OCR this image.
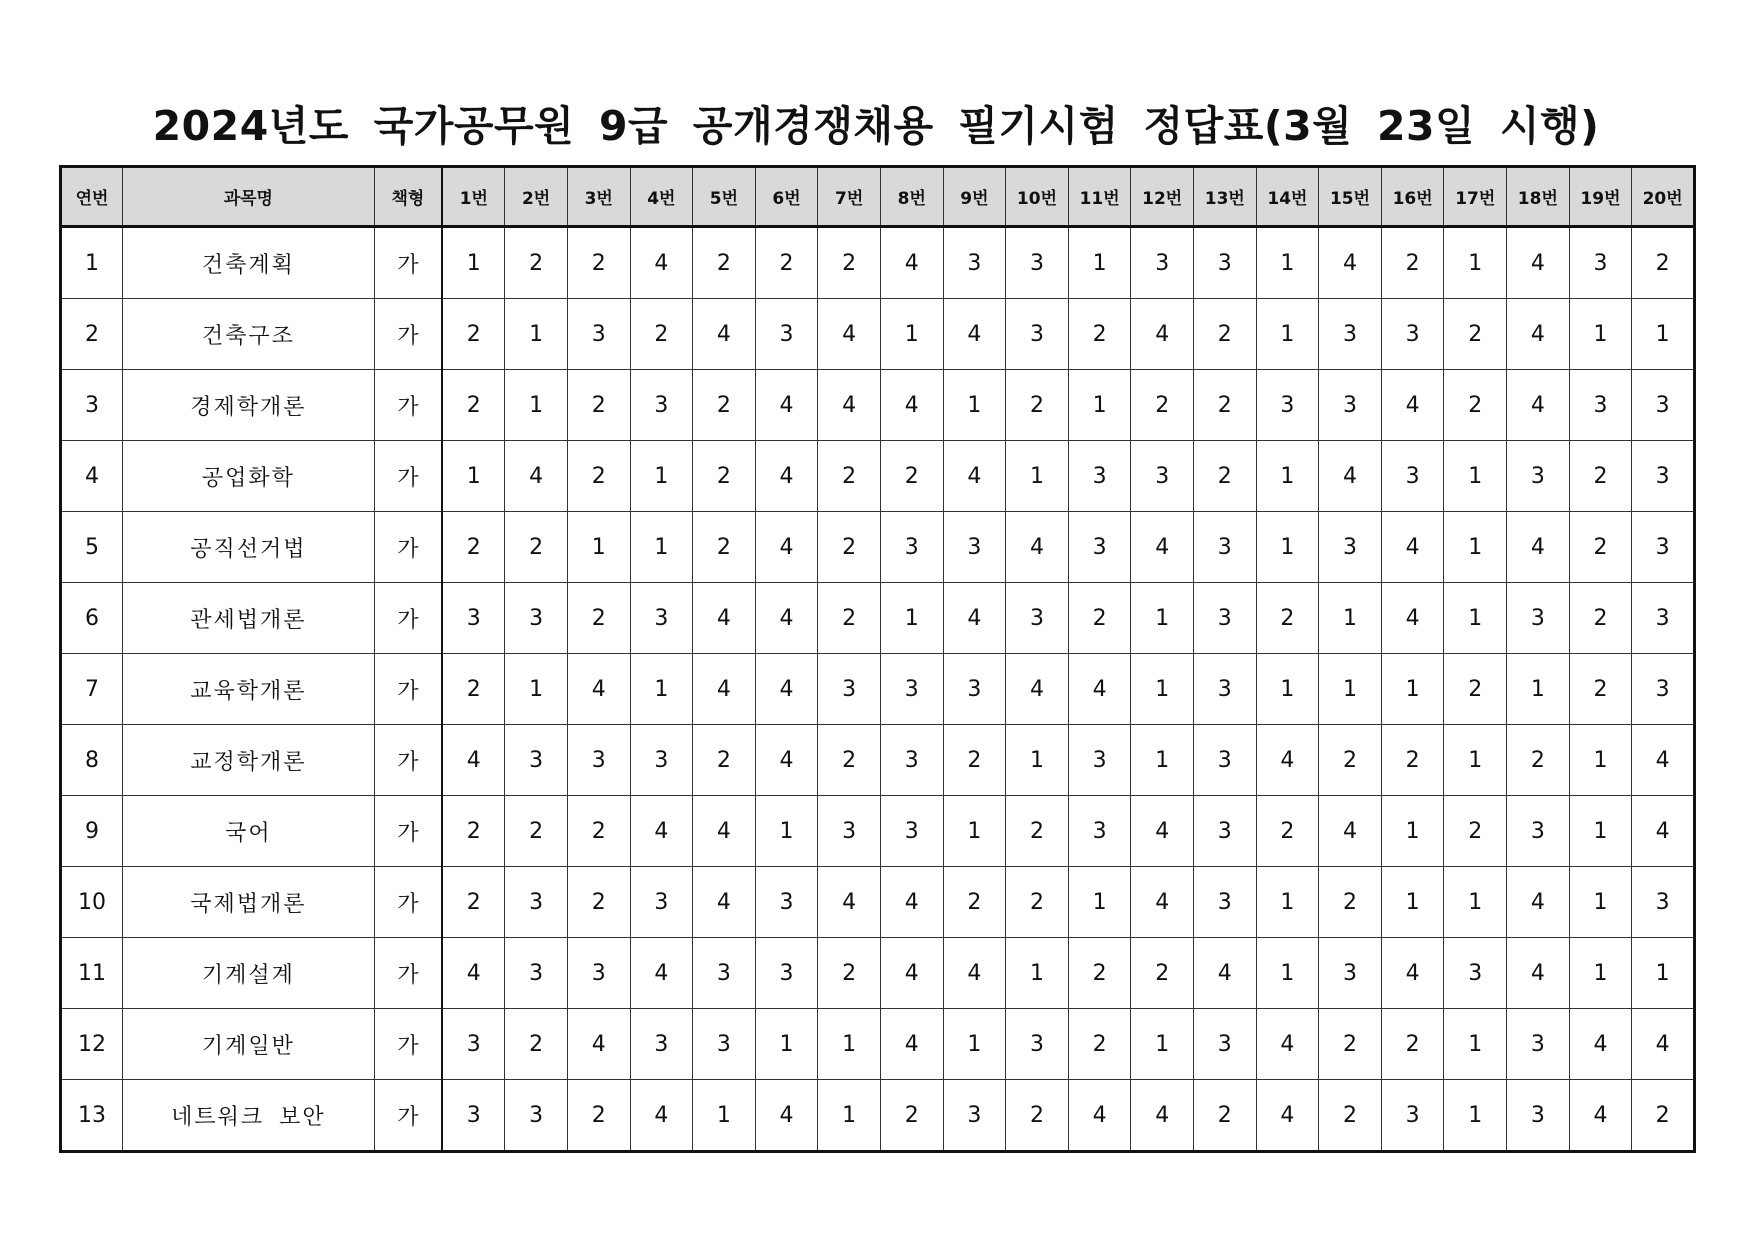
2024년도 국가공무원 9급 공개경쟁채용 필기시험 정답표(3월 23일 시행)
연번	과목명	책형	1번	2번	3번	4번	5번	6번	7번	8번	9번	10번	11번	12번	13번	14번	15번	16번	17번	18번	19번	20번
1	건축계획	가	1	2	2	4	2	2	2	4	3	3	1	3	3	1	4	2	1	4	3	2
2	건축구조	가	2	1	3	2	4	3	4	1	4	3	2	4	2	1	3	3	2	4	1	1
3	경제학개론	가	2	1	2	3	2	4	4	4	1	2	1	2	2	3	3	4	2	4	3	3
4	공업화학	가	1	4	2	1	2	4	2	2	4	1	3	3	2	1	4	3	1	3	2	3
5	공직선거법	가	2	2	1	1	2	4	2	3	3	4	3	4	3	1	3	4	1	4	2	3
6	관세법개론	가	3	3	2	3	4	4	2	1	4	3	2	1	3	2	1	4	1	3	2	3
7	교육학개론	가	2	1	4	1	4	4	3	3	3	4	4	1	3	1	1	1	2	1	2	3
8	교정학개론	가	4	3	3	3	2	4	2	3	2	1	3	1	3	4	2	2	1	2	1	4
9	국어	가	2	2	2	4	4	1	3	3	1	2	3	4	3	2	4	1	2	3	1	4
10	국제법개론	가	2	3	2	3	4	3	4	4	2	2	1	4	3	1	2	1	1	4	1	3
11	기계설계	가	4	3	3	4	3	3	2	4	4	1	2	2	4	1	3	4	3	4	1	1
12	기계일반	가	3	2	4	3	3	1	1	4	1	3	2	1	3	4	2	2	1	3	4	4
13	네트워크 보안	가	3	3	2	4	1	4	1	2	3	2	4	4	2	4	2	3	1	3	4	2
